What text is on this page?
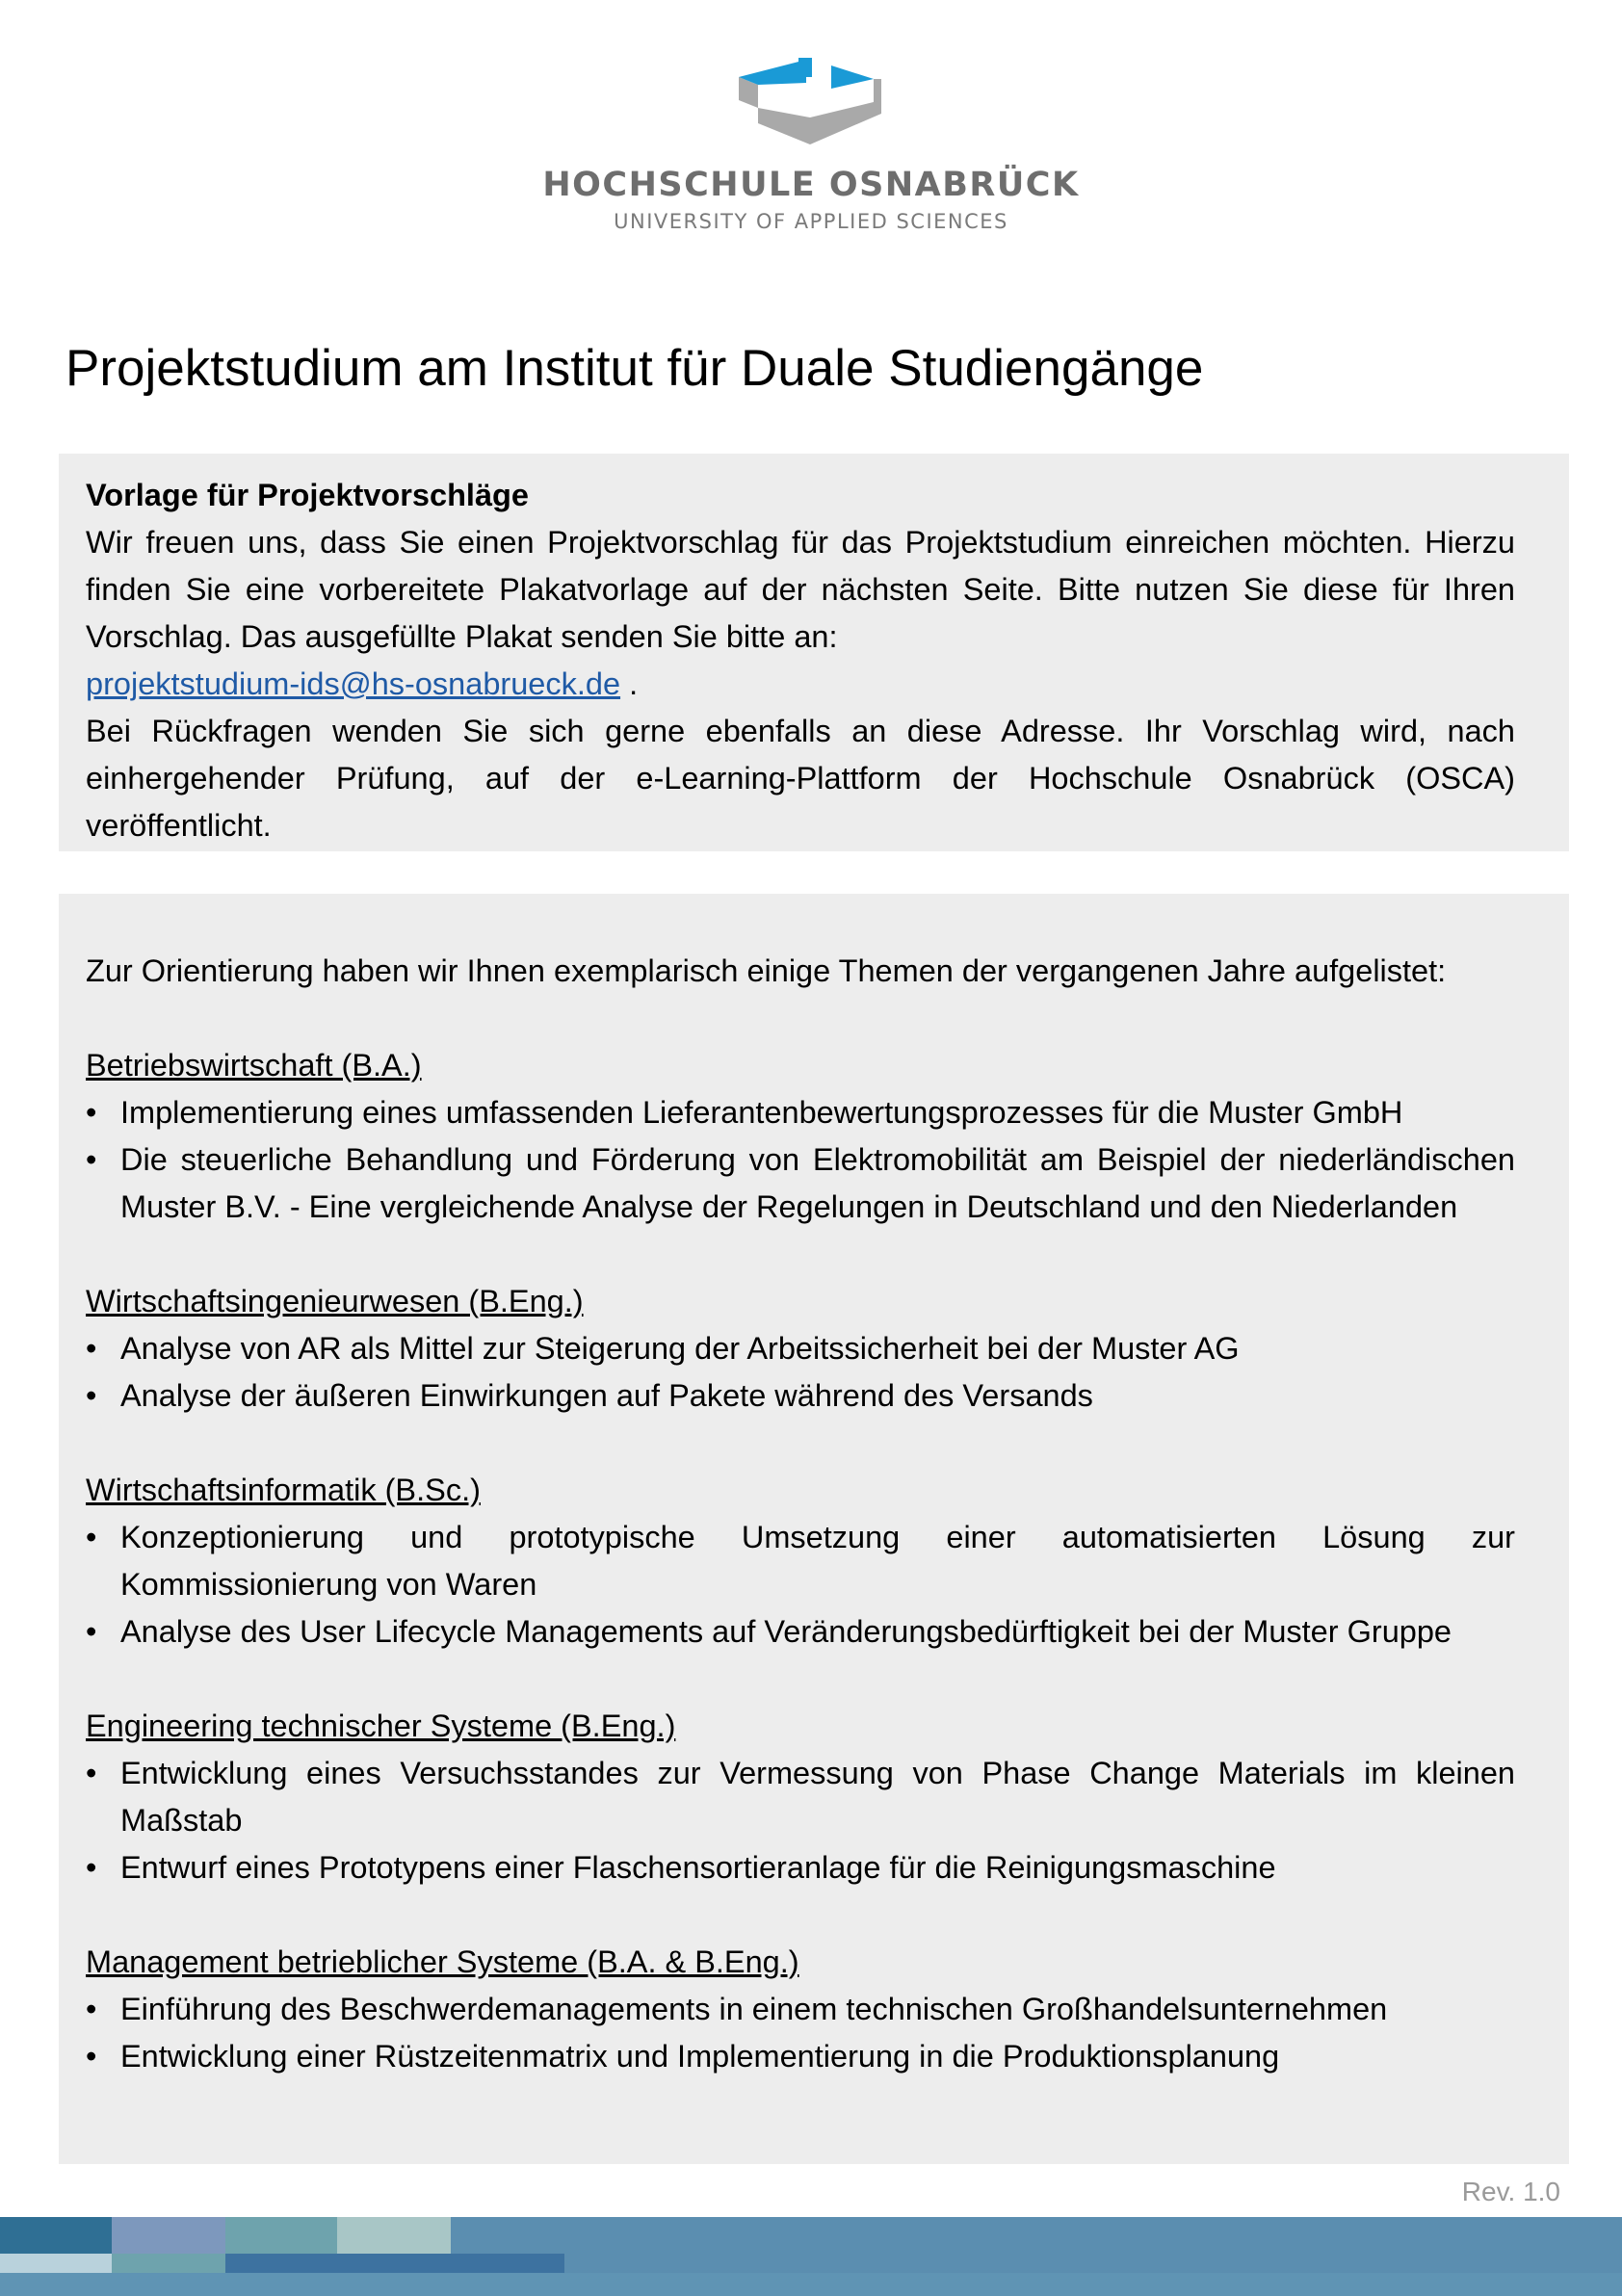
HOCHSCHULE OSNABRÜCK
UNIVERSITY OF APPLIED SCIENCES
Projektstudium am Institut für Duale Studiengänge

Vorlage für Projektvorschläge

Wir freuen uns, dass Sie einen Projektvorschlag für das Projektstudium einreichen möchten. Hierzu finden Sie eine vorbereitete Plakatvorlage auf der nächsten Seite. Bitte nutzen Sie diese für Ihren Vorschlag. Das ausgefüllte Plakat senden Sie bitte an:

projektstudium-ids@hs-osnabrueck.de .

Bei Rückfragen wenden Sie sich gerne ebenfalls an diese Adresse. Ihr Vorschlag wird, nach einhergehender Prüfung, auf der e-Learning-Plattform der Hochschule Osnabrück (OSCA) veröffentlicht.

Zur Orientierung haben wir Ihnen exemplarisch einige Themen der vergangenen Jahre aufgelistet:

Betriebswirtschaft (B.A.)

• Implementierung eines umfassenden Lieferantenbewertungsprozesses für die Muster GmbH
• Die steuerliche Behandlung und Förderung von Elektromobilität am Beispiel der niederländischen Muster B.V. - Eine vergleichende Analyse der Regelungen in Deutschland und den Niederlanden

Wirtschaftsingenieurwesen (B.Eng.)

• Analyse von AR als Mittel zur Steigerung der Arbeitssicherheit bei der Muster AG
• Analyse der äußeren Einwirkungen auf Pakete während des Versands

Wirtschaftsinformatik (B.Sc.)

• Konzeptionierung und prototypische Umsetzung einer automatisierten Lösung zur Kommissionierung von Waren
• Analyse des User Lifecycle Managements auf Veränderungsbedürftigkeit bei der Muster Gruppe

Engineering technischer Systeme (B.Eng.)

• Entwicklung eines Versuchsstandes zur Vermessung von Phase Change Materials im kleinen Maßstab
• Entwurf eines Prototypens einer Flaschensortieranlage für die Reinigungsmaschine

Management betrieblicher Systeme (B.A. & B.Eng.)

• Einführung des Beschwerdemanagements in einem technischen Großhandelsunternehmen
• Entwicklung einer Rüstzeitenmatrix und Implementierung in die Produktionsplanung
Rev. 1.0
